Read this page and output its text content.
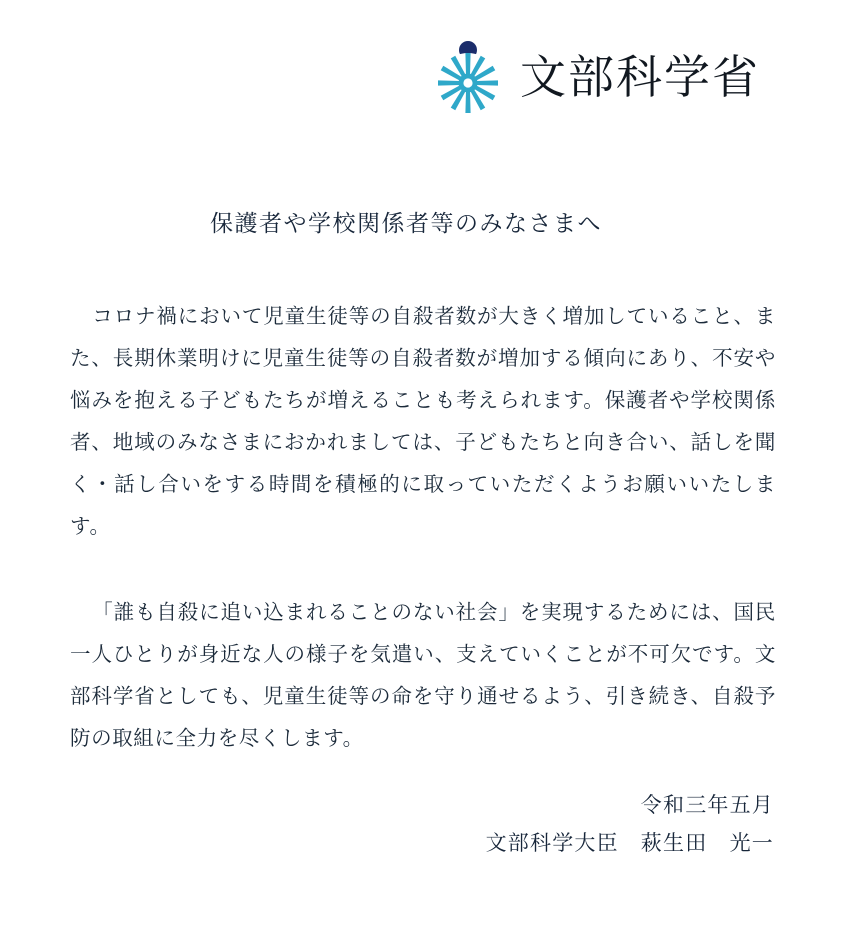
文部科学省
保護者や学校関係者等のみなさまへ

コロナ禍において児童生徒等の自殺者数が大きく増加していること、また、長期休業明けに児童生徒等の自殺者数が増加する傾向にあり、不安や悩みを抱える子どもたちが増えることも考えられます。保護者や学校関係者、地域のみなさまにおかれましては、子どもたちと向き合い、話しを聞く・話し合いをする時間を積極的に取っていただくようお願いいたします。

「誰も自殺に追い込まれることのない社会」を実現するためには、国民一人ひとりが身近な人の様子を気遣い、支えていくことが不可欠です。文部科学省としても、児童生徒等の命を守り通せるよう、引き続き、自殺予防の取組に全力を尽くします。

令和三年五月
文部科学大臣 萩生田　光一
